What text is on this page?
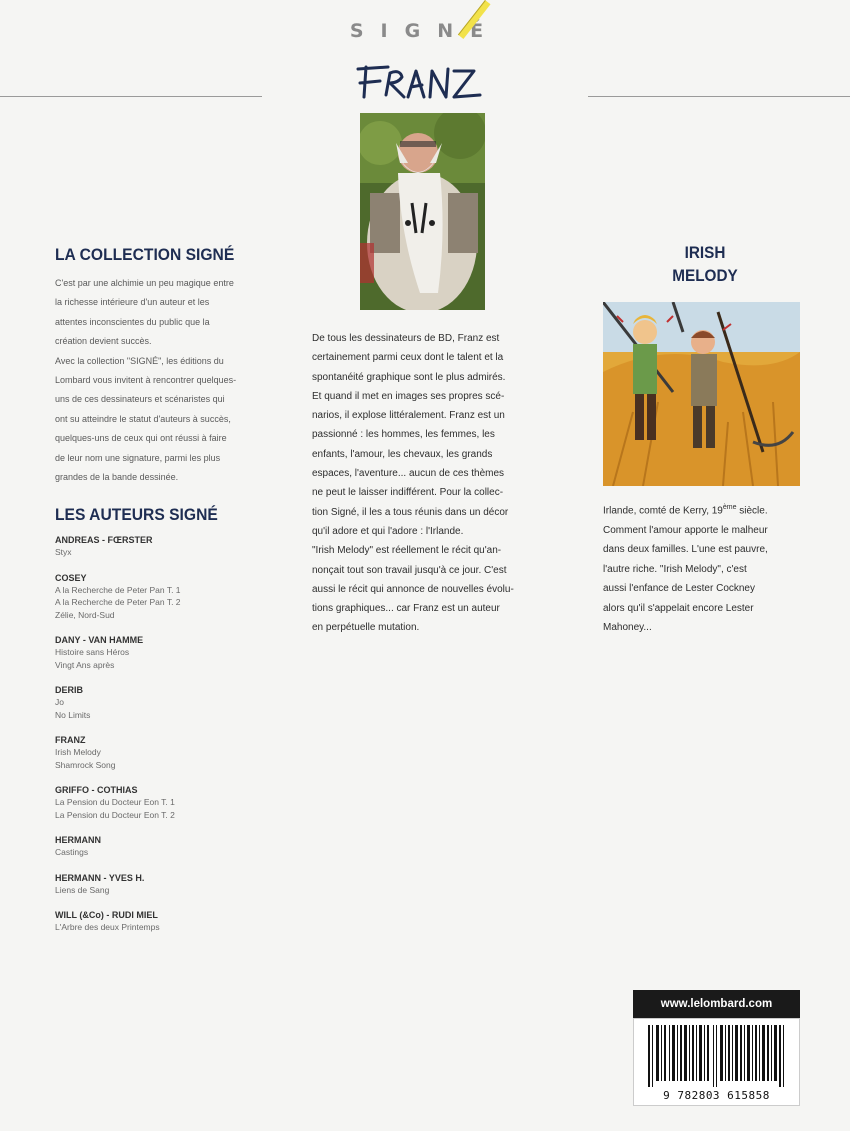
SIGNÉ
LA COLLECTION SIGNÉ
C'est par une alchimie un peu magique entre
la richesse intérieure d'un auteur et les
attentes inconscientes du public que la
création devient succès.
Avec la collection "SIGNÉ", les éditions du
Lombard vous invitent à rencontrer quelques-
uns de ces dessinateurs et scénaristes qui
ont su atteindre le statut d'auteurs à succès,
quelques-uns de ceux qui ont réussi à faire
de leur nom une signature, parmi les plus
grandes de la bande dessinée.
LES AUTEURS SIGNÉ
ANDREAS - FŒRSTER
Styx
COSEY
A la Recherche de Peter Pan T. 1
A la Recherche de Peter Pan T. 2
Zélie, Nord-Sud
DANY - VAN HAMME
Histoire sans Héros
Vingt Ans après
DERIB
Jo
No Limits
FRANZ
Irish Melody
Shamrock Song
GRIFFO - COTHIAS
La Pension du Docteur Eon T. 1
La Pension du Docteur Eon T. 2
HERMANN
Castings
HERMANN - YVES H.
Liens de Sang
WILL (&Co) - RUDI MIEL
L'Arbre des deux Printemps
De tous les dessinateurs de BD, Franz est
certainement parmi ceux dont le talent et la
spontanéité graphique sont le plus admirés.
Et quand il met en images ses propres scé-
narios, il explose littéralement. Franz est un
passionné : les hommes, les femmes, les
enfants, l'amour, les chevaux, les grands
espaces, l'aventure... aucun de ces thèmes
ne peut le laisser indifférent. Pour la collec-
tion Signé, il les a tous réunis dans un décor
qu'il adore et qui l'adore : l'Irlande.
"Irish Melody" est réellement le récit qu'an-
nonçait tout son travail jusqu'à ce jour. C'est
aussi le récit qui annonce de nouvelles évolu-
tions graphiques... car Franz est un auteur
en perpétuelle mutation.
IRISH
MELODY
Irlande, comté de Kerry, 19ème siècle.
Comment l'amour apporte le malheur
dans deux familles. L'une est pauvre,
l'autre riche. "Irish Melody", c'est
aussi l'enfance de Lester Cockney
alors qu'il s'appelait encore Lester
Mahoney...
www.lelombard.com
9 782803 615858
